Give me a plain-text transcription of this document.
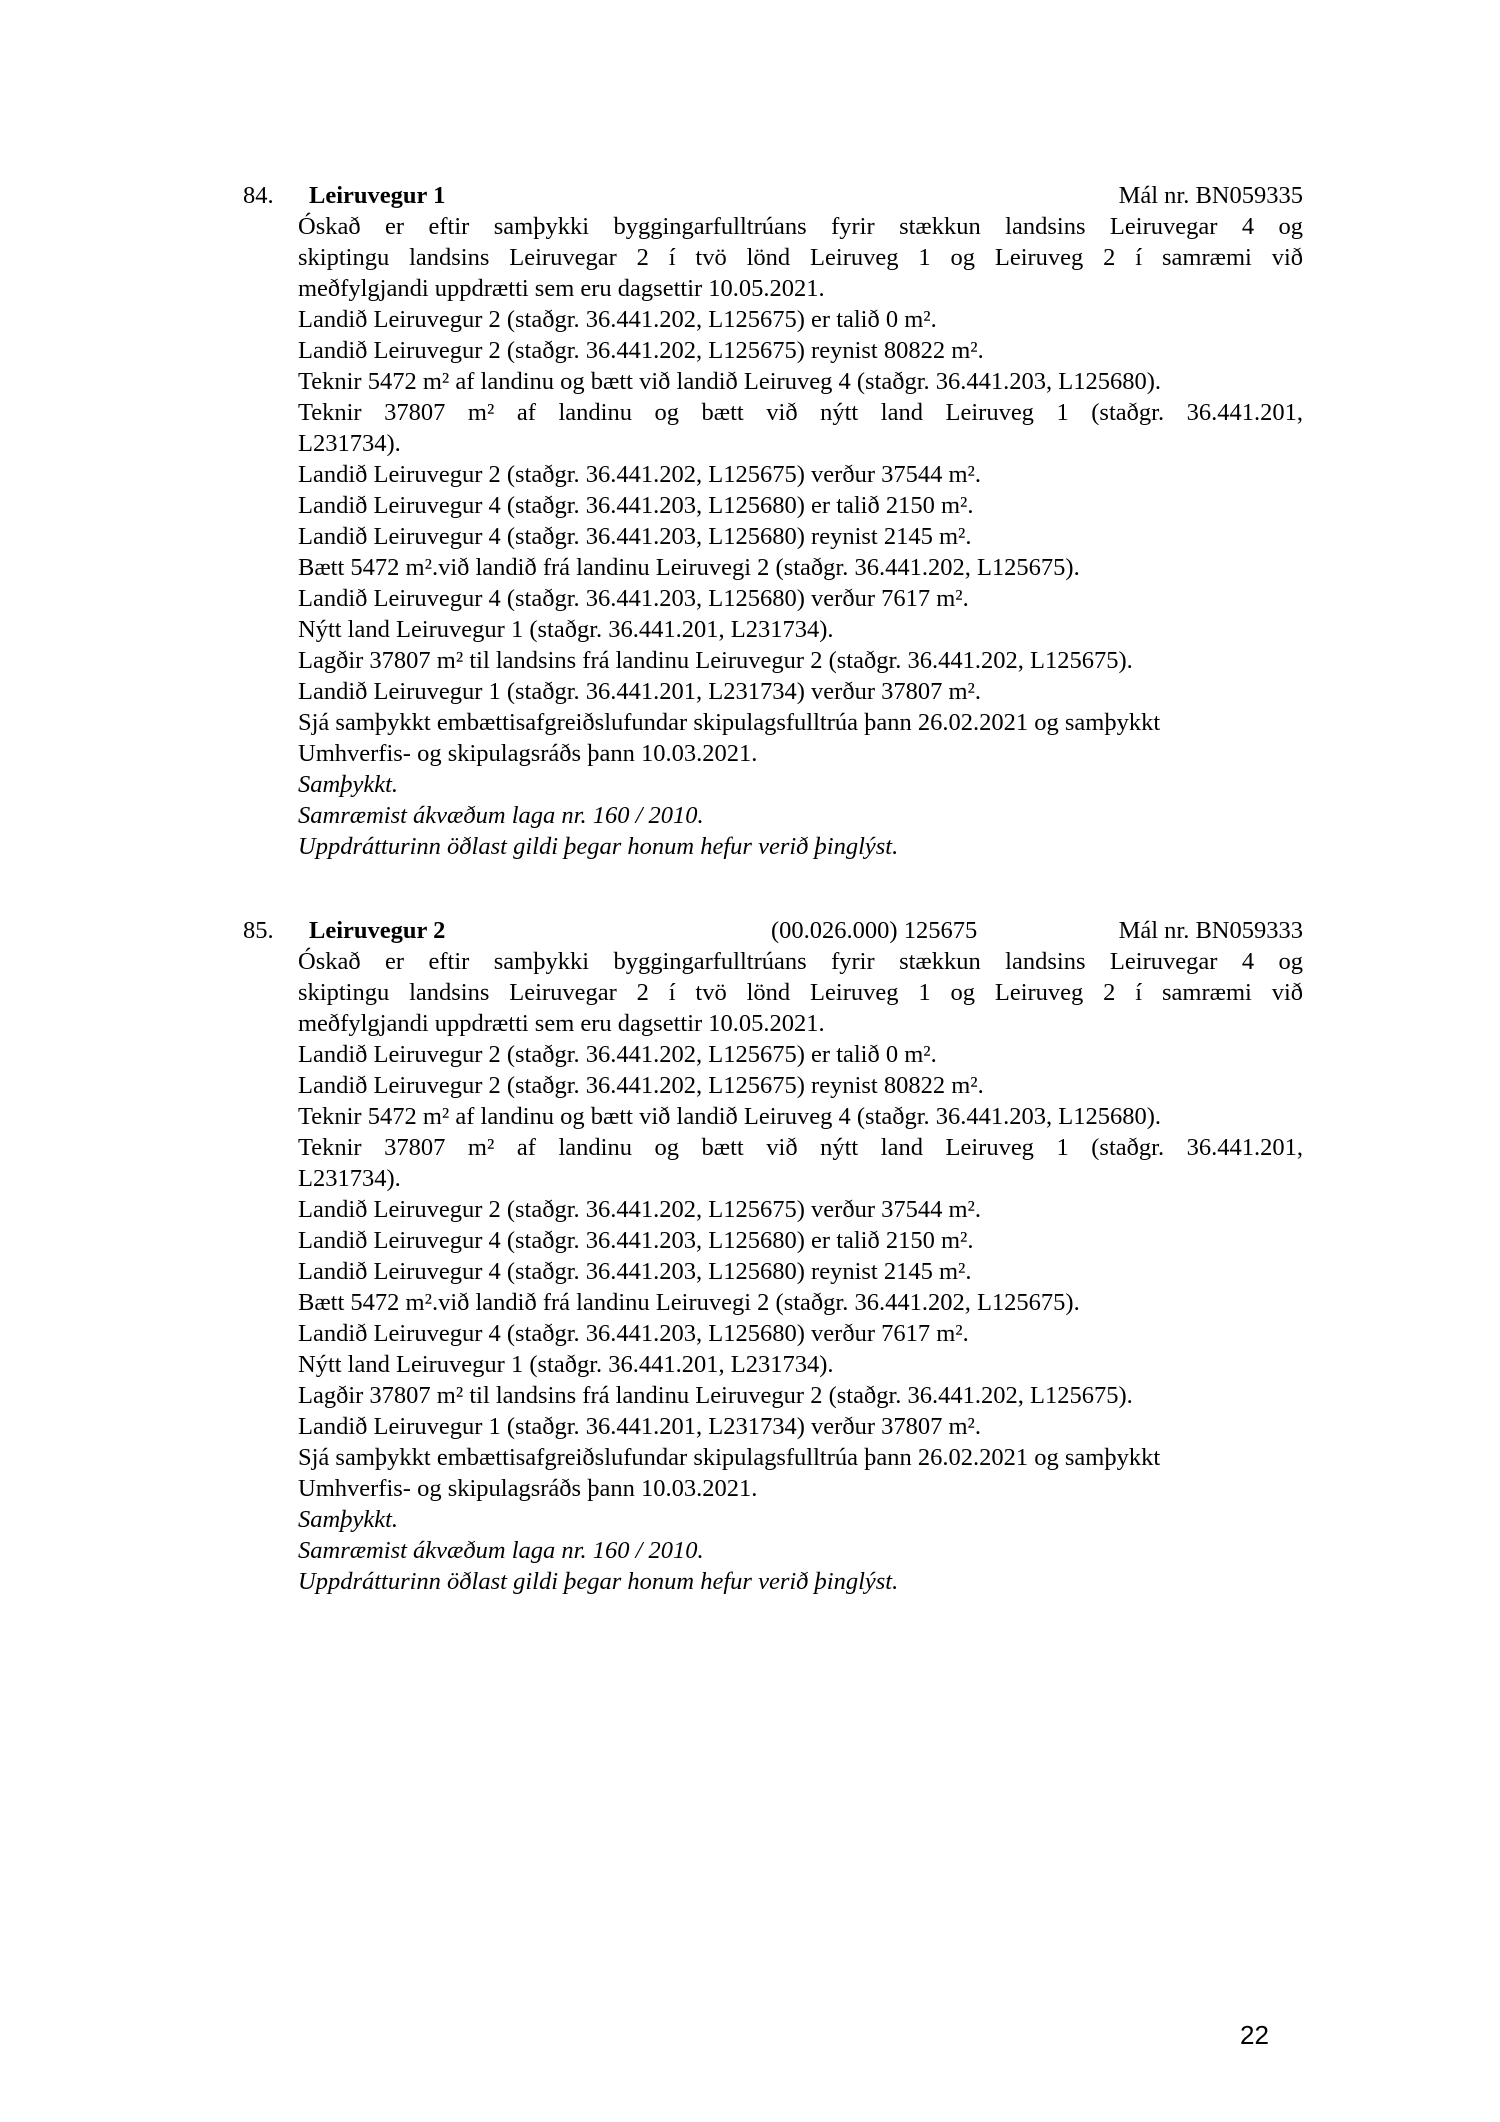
84. Leiruvegur 1	Mál nr. BN059335
Óskað er eftir samþykki byggingarfulltrúans fyrir stækkun landsins Leiruvegar 4 og
skiptingu landsins Leiruvegar 2 í tvö lönd Leiruveg 1 og Leiruveg 2 í samræmi við
meðfylgjandi uppdrætti sem eru dagsettir 10.05.2021.
Landið Leiruvegur 2 (staðgr. 36.441.202, L125675) er talið 0 m².
Landið Leiruvegur 2 (staðgr. 36.441.202, L125675) reynist 80822 m².
Teknir 5472 m² af landinu og bætt við landið Leiruveg 4 (staðgr. 36.441.203, L125680).
Teknir 37807 m² af landinu og bætt við nýtt land Leiruveg 1 (staðgr. 36.441.201,
L231734).
Landið Leiruvegur 2 (staðgr. 36.441.202, L125675) verður 37544 m².
Landið Leiruvegur 4 (staðgr. 36.441.203, L125680) er talið 2150 m².
Landið Leiruvegur 4 (staðgr. 36.441.203, L125680) reynist 2145 m².
Bætt 5472 m².við landið frá landinu Leiruvegi 2 (staðgr. 36.441.202, L125675).
Landið Leiruvegur 4 (staðgr. 36.441.203, L125680) verður 7617 m².
Nýtt land Leiruvegur 1 (staðgr. 36.441.201, L231734).
Lagðir 37807 m² til landsins frá landinu Leiruvegur 2 (staðgr. 36.441.202, L125675).
Landið Leiruvegur 1 (staðgr. 36.441.201, L231734) verður 37807 m².
Sjá samþykkt embættisafgreiðslufundar skipulagsfulltrúa þann 26.02.2021 og samþykkt
Umhverfis- og skipulagsráðs þann 10.03.2021.
Samþykkt.
Samræmist ákvæðum laga nr. 160 / 2010.
Uppdrátturinn öðlast gildi þegar honum hefur verið þinglýst.
85. Leiruvegur 2	(00.026.000) 125675	Mál nr. BN059333
Óskað er eftir samþykki byggingarfulltrúans fyrir stækkun landsins Leiruvegar 4 og
skiptingu landsins Leiruvegar 2 í tvö lönd Leiruveg 1 og Leiruveg 2 í samræmi við
meðfylgjandi uppdrætti sem eru dagsettir 10.05.2021.
Landið Leiruvegur 2 (staðgr. 36.441.202, L125675) er talið 0 m².
Landið Leiruvegur 2 (staðgr. 36.441.202, L125675) reynist 80822 m².
Teknir 5472 m² af landinu og bætt við landið Leiruveg 4 (staðgr. 36.441.203, L125680).
Teknir 37807 m² af landinu og bætt við nýtt land Leiruveg 1 (staðgr. 36.441.201,
L231734).
Landið Leiruvegur 2 (staðgr. 36.441.202, L125675) verður 37544 m².
Landið Leiruvegur 4 (staðgr. 36.441.203, L125680) er talið 2150 m².
Landið Leiruvegur 4 (staðgr. 36.441.203, L125680) reynist 2145 m².
Bætt 5472 m².við landið frá landinu Leiruvegi 2 (staðgr. 36.441.202, L125675).
Landið Leiruvegur 4 (staðgr. 36.441.203, L125680) verður 7617 m².
Nýtt land Leiruvegur 1 (staðgr. 36.441.201, L231734).
Lagðir 37807 m² til landsins frá landinu Leiruvegur 2 (staðgr. 36.441.202, L125675).
Landið Leiruvegur 1 (staðgr. 36.441.201, L231734) verður 37807 m².
Sjá samþykkt embættisafgreiðslufundar skipulagsfulltrúa þann 26.02.2021 og samþykkt
Umhverfis- og skipulagsráðs þann 10.03.2021.
Samþykkt.
Samræmist ákvæðum laga nr. 160 / 2010.
Uppdrátturinn öðlast gildi þegar honum hefur verið þinglýst.
22
